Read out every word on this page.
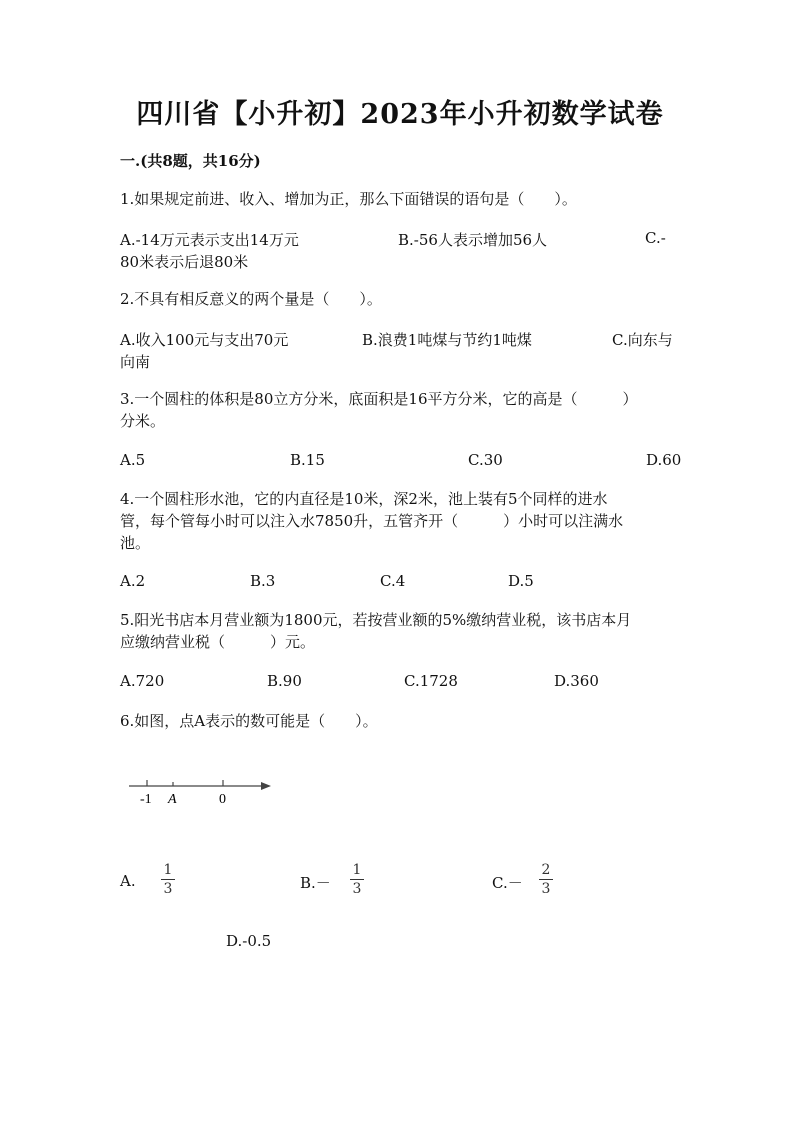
四川省【小升初】2023年小升初数学试卷
一.(共8题，共16分)
1.如果规定前进、收入、增加为正，那么下面错误的语句是（　　）。
A.-14万元表示支出14万元	B.-56人表示增加56人	C.-
80米表示后退80米
2.不具有相反意义的两个量是（　　）。
A.收入100元与支出70元	B.浪费1吨煤与节约1吨煤	C.向东与
向南
3.一个圆柱的体积是80立方分米，底面积是16平方分米，它的高是（　　　）
分米。
A.5	B.15	C.30	D.60
4.一个圆柱形水池，它的内直径是10米，深2米，池上装有5个同样的进水
管，每个管每小时可以注入水7850升，五管齐开（　　　）小时可以注满水
池。
A.2	B.3	C.4	D.5
5.阳光书店本月营业额为1800元，若按营业额的5%缴纳营业税，该书店本月
应缴纳营业税（　　　）元。
A.720	B.90	C.1728	D.360
6.如图，点A表示的数可能是（　　）。
-1 A	0
A.
1
3	B.－
1
3	C.－
2
3
D.-0.5
